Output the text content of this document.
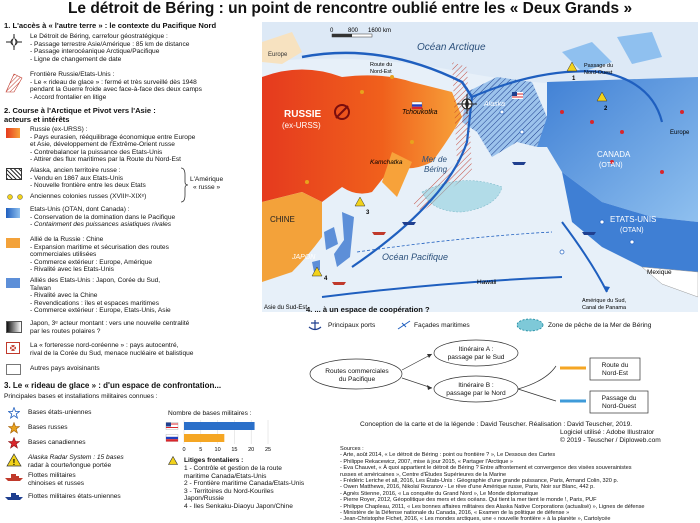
Le détroit de Béring : un point de rencontre oublié entre les « Deux Grands »
1. L'accès à « l'autre terre » : le contexte du Pacifique Nord
Le Détroit de Béring, carrefour géostratégique :
- Passage terrestre Asie/Amérique : 85 km de distance
- Passage interocéanique Arctique/Pacifique
- Ligne de changement de date
Frontière Russie/Etats-Unis :
- Le « rideau de glace » : fermé et très surveillé dès 1948
pendant la Guerre froide avec face-à-face des deux camps
- Accord frontalier en litige
2. Course à l'Arctique et Pivot vers l'Asie :
acteurs et intérêts
Russie (ex-URSS) :
- Pays eurasien, rééquilibrage économique entre Europe
et Asie, développement de l'Extrême-Orient russe
- Contrebalancer la puissance des Etats-Unis
- Attirer des flux maritimes par la Route du Nord-Est
Alaska, ancien territoire russe :
- Vendu en 1867 aux Etats-Unis
- Nouvelle frontière entre les deux Etats
Anciennes colonies russes (XVIIIᵉ-XIXᵉ)
L'Amérique
« russe »
Etats-Unis (OTAN, dont Canada) :
- Conservation de la domination dans le Pacifique
- Containment des puissances asiatiques rivales
Allié de la Russie : Chine
- Expansion maritime et sécurisation des routes
commerciales utilisées
- Commerce extérieur : Europe, Amérique
- Rivalité avec les Etats-Unis
Alliés des Etats-Unis : Japon, Corée du Sud,
Taïwan
- Rivalité avec la Chine
- Revendications : îles et espaces maritimes
- Commerce extérieur : Europe, Etats-Unis, Asie
Japon, 3ᵉ acteur montant : vers une nouvelle centralité
par les routes polaires ?
La « forteresse nord-coréenne » : pays autocentré,
rival de la Corée du Sud, menace nucléaire et balistique
Autres pays avoisinants
3. Le « rideau de glace » : d'un espace de confrontation...
Principales bases et installations militaires connues :
Bases états-uniennes
Bases russes
Bases canadiennes
!
Alaska Radar System : 15 bases
radar à courte/longue portée
Flottes militaires
chinoises et russes
Flottes militaires états-uniennes
Nombre de bases militaires :
0 5 10 15 20 25
Litiges frontaliers :
1 - Contrôle et gestion de la route
maritime Canada/Etats-Unis
2 - Frontière maritime Canada/Etats-Unis
3 - Territoires du Nord-Kouriles
Japon/Russie
4 - Iles Senkaku-Diaoyu Japon/Chine
1
2
3
4
0 800 1600 km
Europe
Océan Arctique
RUSSIE
(ex-URSS)
Tchoukotka
Kamchatka Mer de
Béring
Alaska
CANADA
(OTAN)
ETATS-UNIS
(OTAN)
CHINE
JAPON	Océan Pacifique
Hawaii
Mexique
Route du
Nord-Est
Passage du
Nord-Ouest
Asie du Sud-Est
Amérique du Sud,
Canal de Panama
Europe
4. ... à un espace de coopération ?
Principaux ports	Façades maritimes	Zone de pêche de la Mer de Béring
Routes commerciales
du Pacifique
Itinéraire A :
passage par le Sud
Itinéraire B :
passage par le Nord
Route du
Nord-Est
Passage du
Nord-Ouest
Conception de la carte et de la légende : David Teuscher. Réalisation : David Teuscher, 2019.
Logiciel utilisé : Adobe Illustrator
© 2019 - Teuscher / Diploweb.com
Sources :
- Arte, août 2014, « Le détroit de Béring : point ou frontière ? », Le Dessous des Cartes
- Philippe Rekacewicz, 2007, mise à jour 2015, « Partager l'Arctique »
- Eva Chauvet, « À quoi appartient le détroit de Béring ? Entre affrontement et convergence des visées souverainistes
russes et américaines », Centre d'Études Supérieures de la Marine
- Frédéric Leriche et all, 2016, Les États-Unis : Géographie d'une grande puissance, Paris, Armand Colin, 320 p.
- Owen Matthews, 2016, Nikolaï Rezanov - Le rêve d'une Amérique russe, Paris, Noir sur Blanc, 442 p.
- Agnès Stienne, 2016, « La conquête du Grand Nord », Le Monde diplomatique
- Pierre Royer, 2012, Géopolitique des mers et des océans. Qui tient la mer tient le monde !, Paris, PUF
- Philippe Chapleau, 2011, « Les bonnes affaires militaires des Alaska Native Corporations (actualisé) », Lignes de défense
- Ministère de la Défense nationale du Canada, 2016, « Examen de la politique de défense »
- Jean-Christophe Fichet, 2016, « Les mondes arctiques, une « nouvelle frontière » à la planète », Cartolycée
